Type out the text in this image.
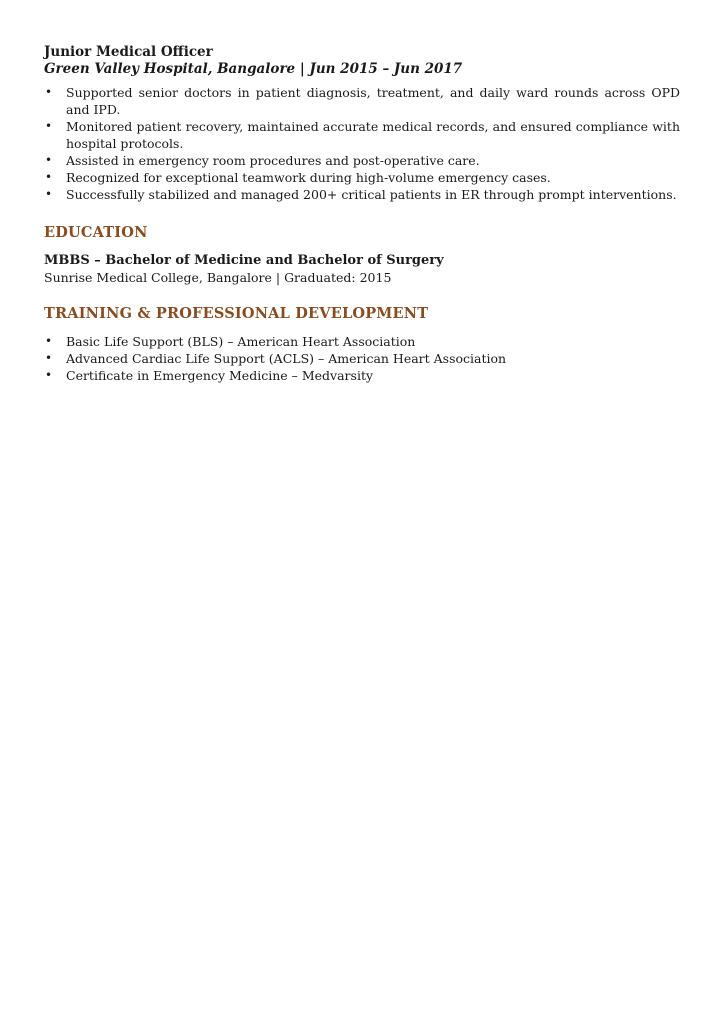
Junior Medical Officer

Green Valley Hospital, Bangalore | Jun 2015 – Jun 2017

• Supported senior doctors in patient diagnosis, treatment, and daily ward rounds across OPD and IPD.
• Monitored patient recovery, maintained accurate medical records, and ensured compliance with hospital protocols.
• Assisted in emergency room procedures and post-operative care.
• Recognized for exceptional teamwork during high-volume emergency cases.
• Successfully stabilized and managed 200+ critical patients in ER through prompt interventions.

EDUCATION

MBBS – Bachelor of Medicine and Bachelor of Surgery

Sunrise Medical College, Bangalore | Graduated: 2015

TRAINING & PROFESSIONAL DEVELOPMENT

• Basic Life Support (BLS) – American Heart Association
• Advanced Cardiac Life Support (ACLS) – American Heart Association
• Certificate in Emergency Medicine – Medvarsity
